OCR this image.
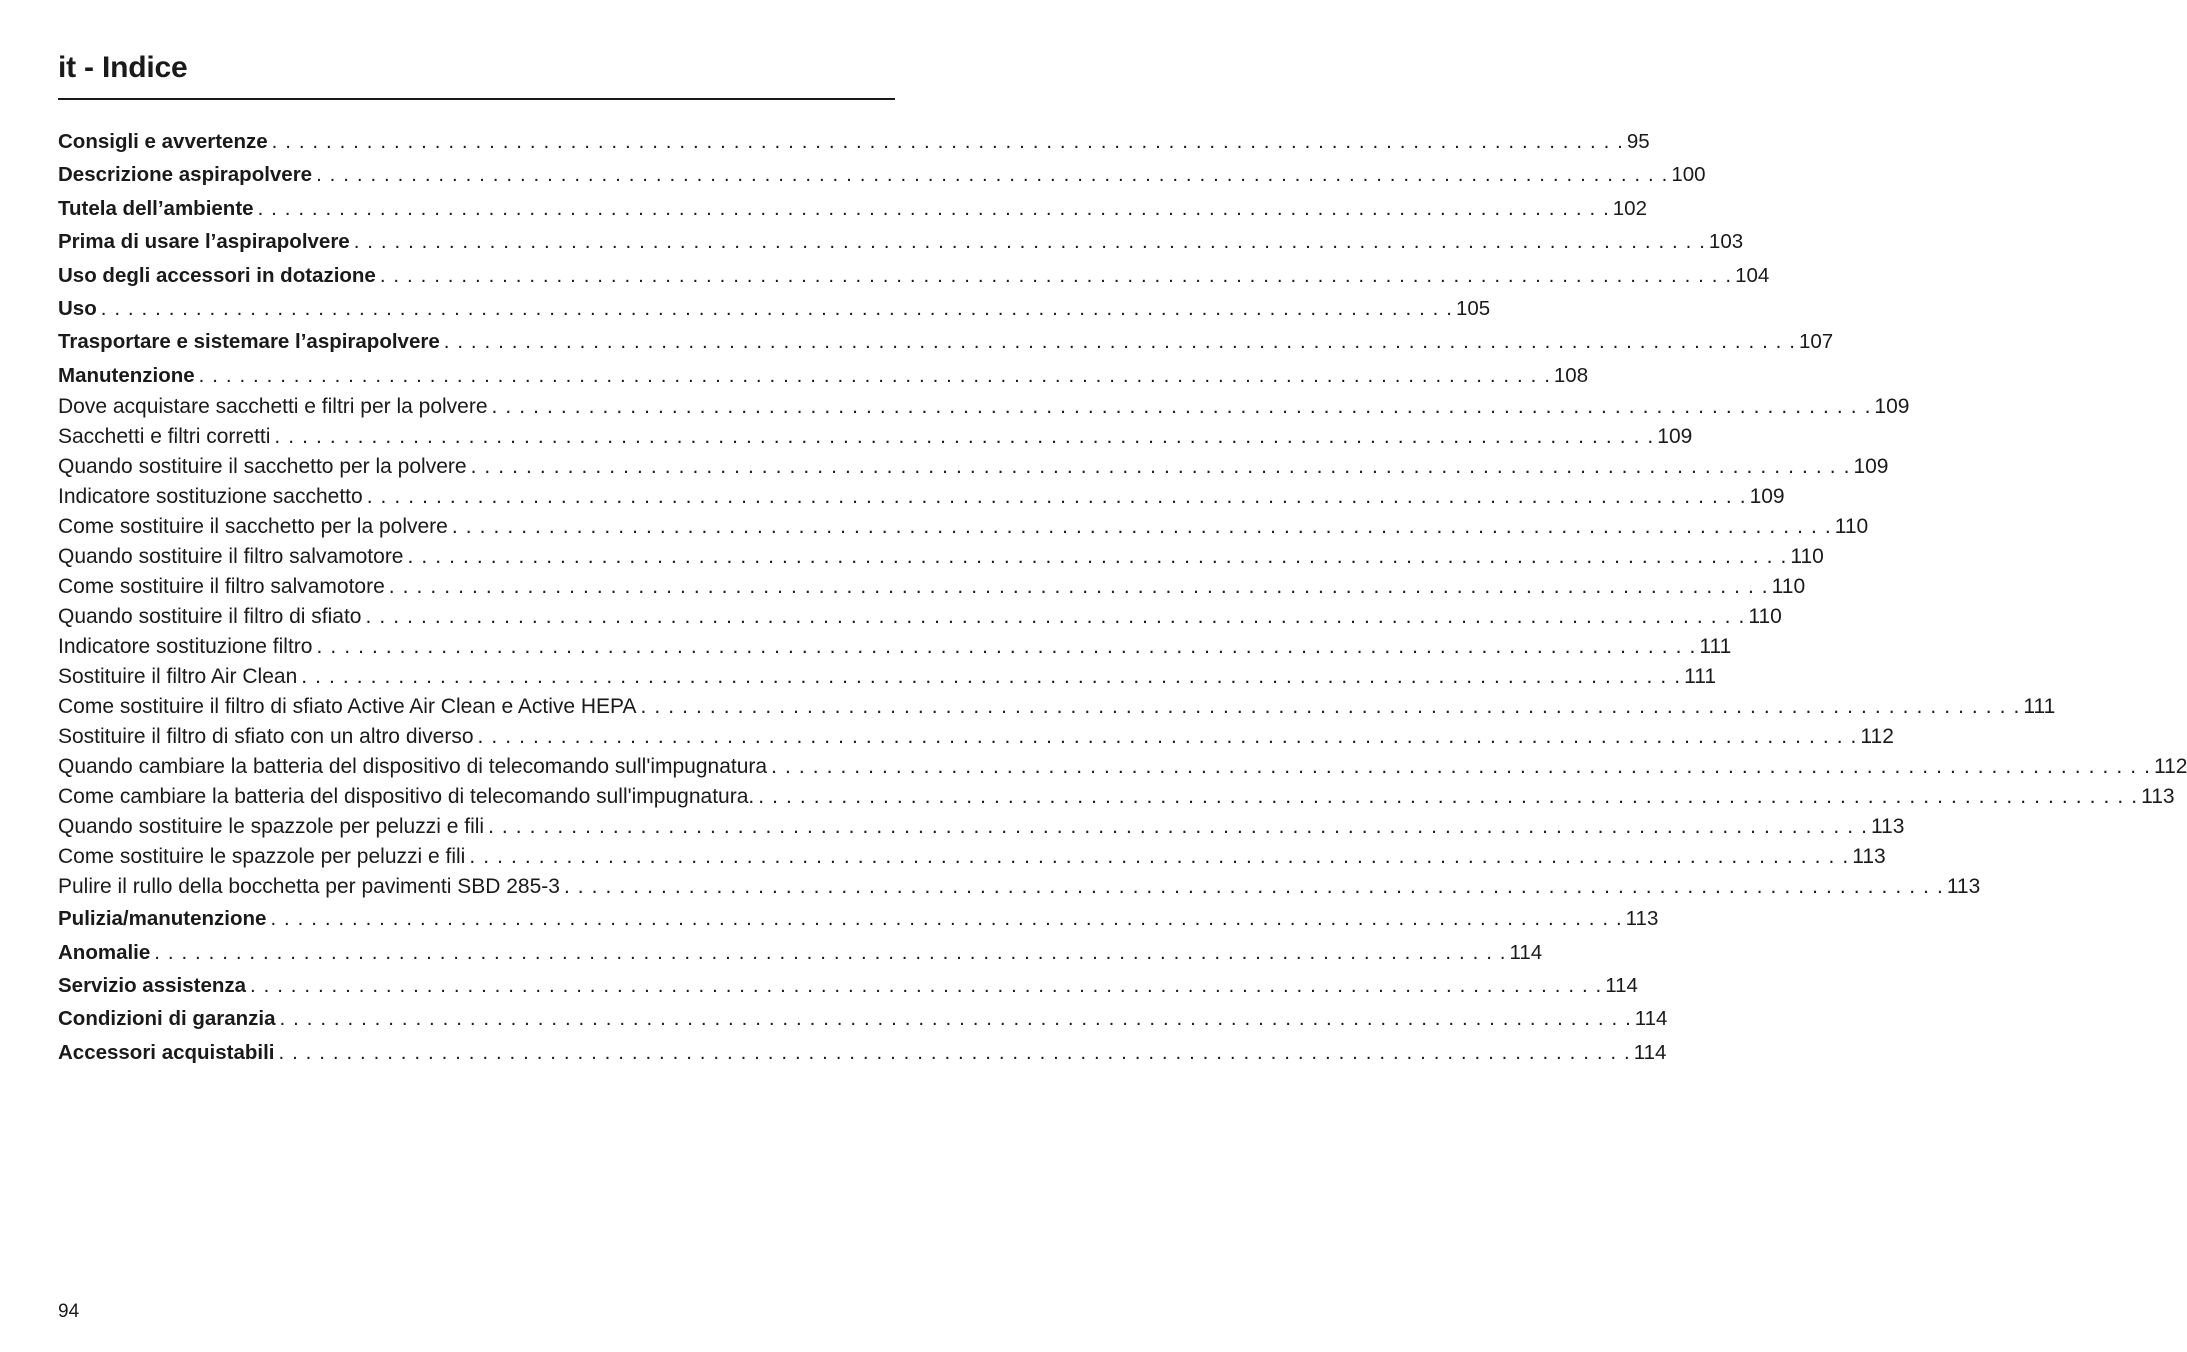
it - Indice
Consigli e avvertenze . . .	95
Descrizione aspirapolvere . . .	100
Tutela dell’ambiente . . .	102
Prima di usare l’aspirapolvere . . .	103
Uso degli accessori in dotazione . . .	104
Uso . . .	105
Trasportare e sistemare l’aspirapolvere . . .	107
Manutenzione . . .	108
Dove acquistare sacchetti e filtri per la polvere . . .	109
Sacchetti e filtri corretti . . .	109
Quando sostituire il sacchetto per la polvere . . .	109
Indicatore sostituzione sacchetto . . .	109
Come sostituire il sacchetto per la polvere . . .	110
Quando sostituire il filtro salvamotore . . .	110
Come sostituire il filtro salvamotore . . .	110
Quando sostituire il filtro di sfiato . . .	110
Indicatore sostituzione filtro . . .	111
Sostituire il filtro Air Clean . . .	111
Come sostituire il filtro di sfiato Active Air Clean e Active HEPA . . .	111
Sostituire il filtro di sfiato con un altro diverso . . .	112
Quando cambiare la batteria del dispositivo di telecomando sull'impugnatura . . .	112
Come cambiare la batteria del dispositivo di telecomando sull'impugnatura. . . .	113
Quando sostituire le spazzole per peluzzi e fili . . .	113
Come sostituire le spazzole per peluzzi e fili . . .	113
Pulire il rullo della bocchetta per pavimenti SBD 285-3 . . .	113
Pulizia/manutenzione . . .	113
Anomalie . . .	114
Servizio assistenza . . .	114
Condizioni di garanzia . . .	114
Accessori acquistabili . . .	114
94
